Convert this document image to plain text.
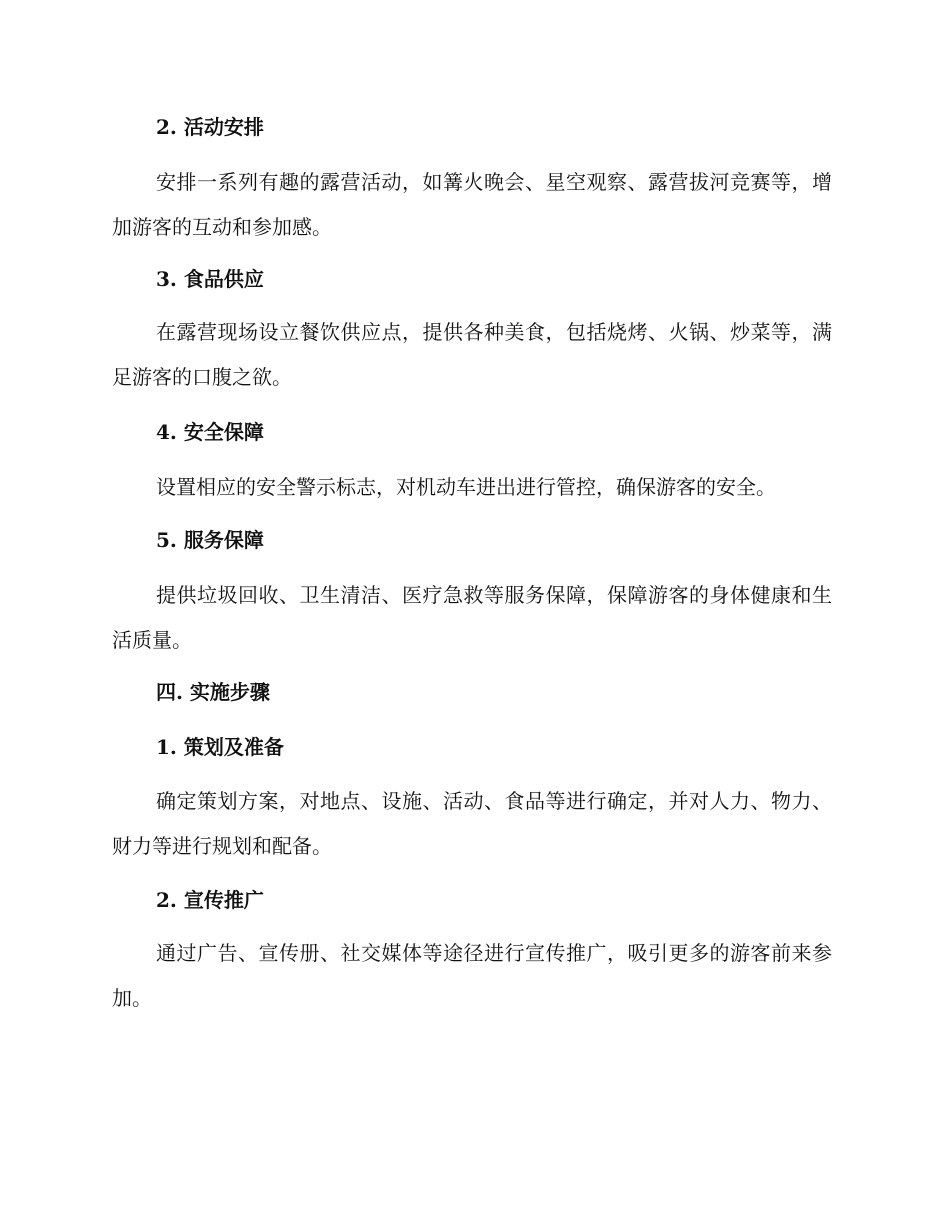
2. 活动安排
安排一系列有趣的露营活动，如篝火晚会、星空观察、露营拔河竞赛等，增加游客的互动和参加感。
3. 食品供应
在露营现场设立餐饮供应点，提供各种美食，包括烧烤、火锅、炒菜等，满足游客的口腹之欲。
4. 安全保障
设置相应的安全警示标志，对机动车进出进行管控，确保游客的安全。
5. 服务保障
提供垃圾回收、卫生清洁、医疗急救等服务保障，保障游客的身体健康和生活质量。
四. 实施步骤
1. 策划及准备
确定策划方案，对地点、设施、活动、食品等进行确定，并对人力、物力、财力等进行规划和配备。
2. 宣传推广
通过广告、宣传册、社交媒体等途径进行宣传推广，吸引更多的游客前来参加。
